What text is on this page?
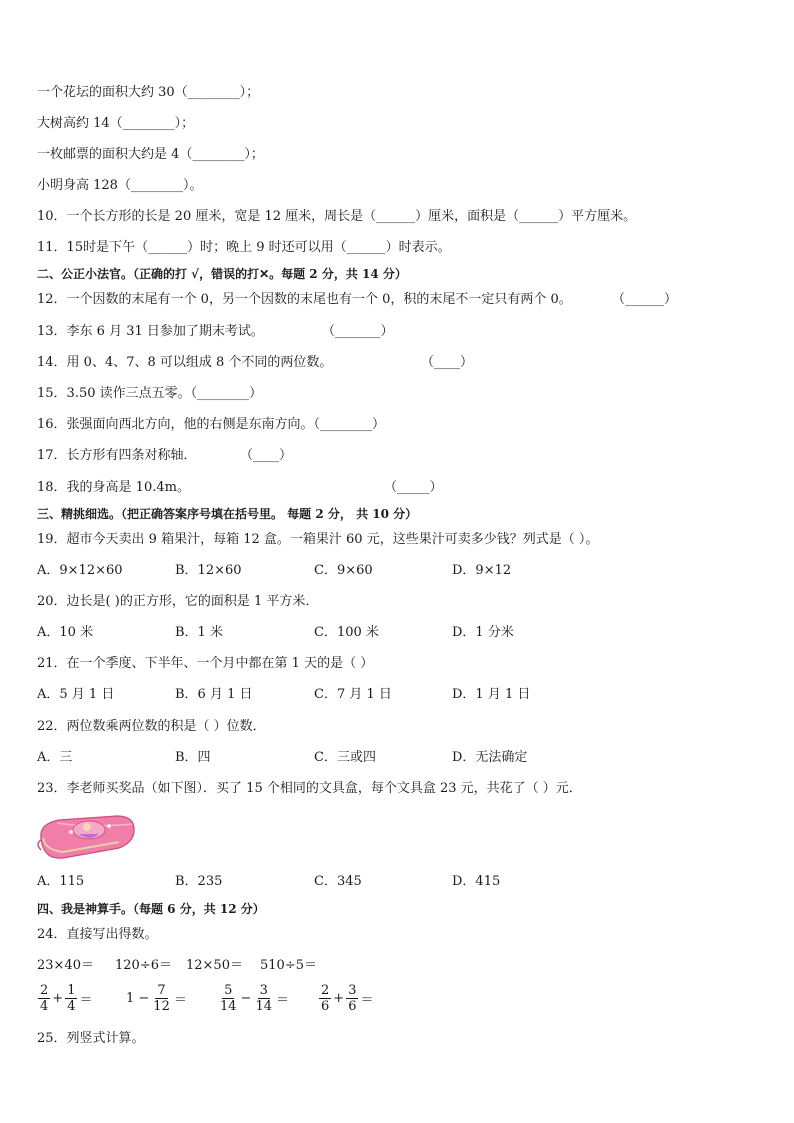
一个花坛的面积大约 30（________）；
大树高约 14（________）；
一枚邮票的面积大约是 4（________）；
小明身高 128（________）。
10．一个长方形的长是 20 厘米，宽是 12 厘米，周长是（______）厘米，面积是（______）平方厘米。
11．15时是下午（______）时；晚上 9 时还可以用（______）时表示。
二、公正小法官。（正确的打 √，错误的打✕。每题 2 分，共 14 分）
12．一个因数的末尾有一个 0，另一个因数的末尾也有一个 0，积的末尾不一定只有两个 0。	（______）
13．李东 6 月 31 日参加了期末考试。	（_______）
14．用 0、4、7、8 可以组成 8 个不同的两位数。	（____）
15．3.50 读作三点五零。（________）
16．张强面向西北方向，他的右侧是东南方向。（________）
17．长方形有四条对称轴．	（____）
18．我的身高是 10.4m。	（_____）
三、精挑细选。（把正确答案序号填在括号里。 每题 2 分， 共 10 分）
19．超市今天卖出 9 箱果汁，每箱 12 盒。一箱果汁 60 元，这些果汁可卖多少钱？列式是（ ）。
A．9×12×60	B．12×60	C．9×60	D．9×12
20．边长是( )的正方形，它的面积是 1 平方米．
A．10 米	B．1 米	C．100 米	D．1 分米
21．在一个季度、下半年、一个月中都在第 1 天的是（ ）
A．5 月 1 日	B．6 月 1 日	C．7 月 1 日	D．1 月 1 日
22．两位数乘两位数的积是（ ）位数．
A．三	B．四	C．三或四	D．无法确定
23．李老师买奖品（如下图）．买了 15 个相同的文具盒，每个文具盒 23 元，共花了（ ）元．
A．115	B．235	C．345	D．415
四、我是神算手。（每题 6 分，共 12 分）
24．直接写出得数。
23×40＝ 120÷6＝ 12×50＝ 510÷5＝
2
4
+ $\frac{1}{4}$ ＝	$1 - \frac{7}{12}$ ＝
5
14
− $\frac{3}{14}$ ＝
2
6
+ $\frac{3}{6}$ ＝
25．列竖式计算。
